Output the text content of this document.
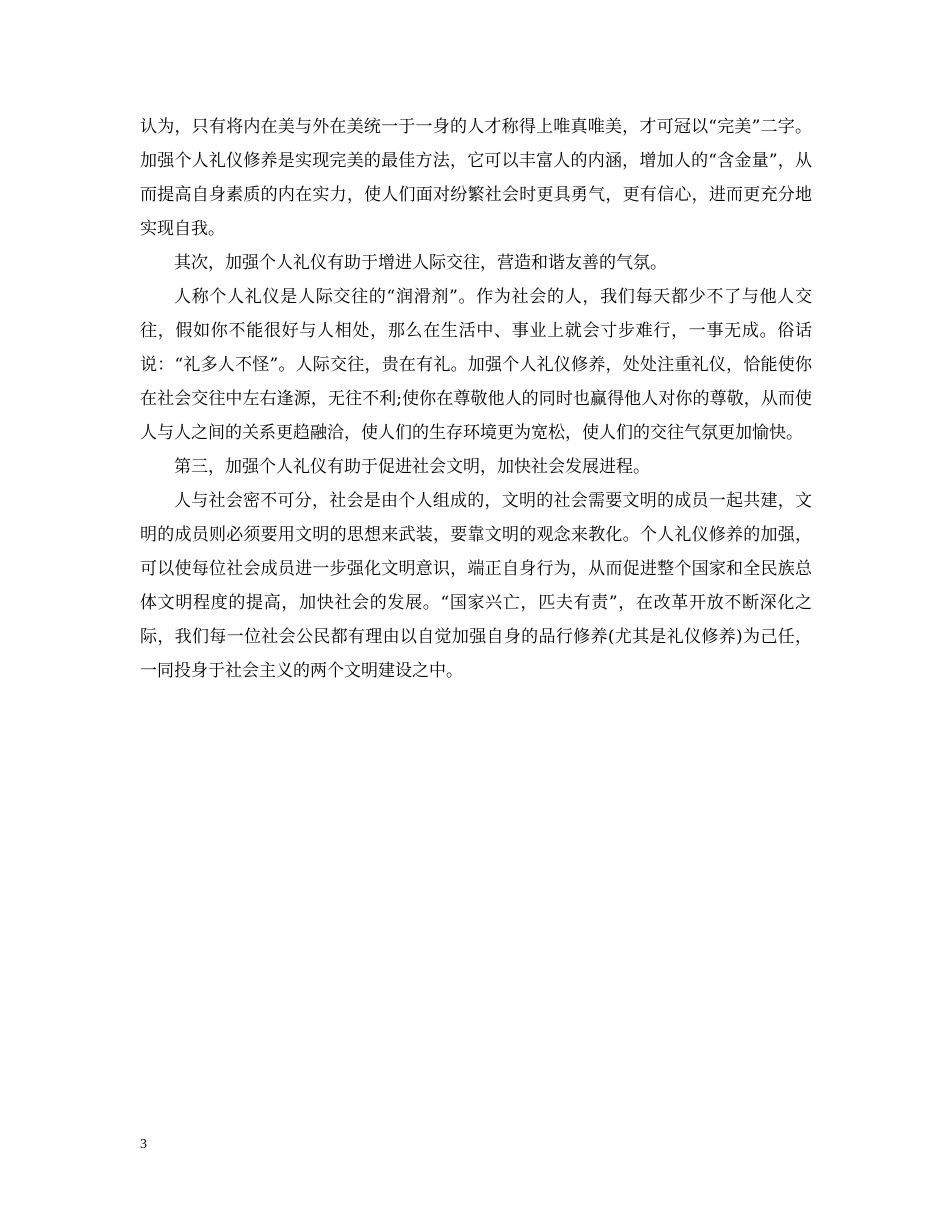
认为，只有将内在美与外在美统一于一身的人才称得上唯真唯美，才可冠以“完美”二字。加强个人礼仪修养是实现完美的最佳方法，它可以丰富人的内涵，增加人的“含金量”，从而提高自身素质的内在实力，使人们面对纷繁社会时更具勇气，更有信心，进而更充分地实现自我。

其次，加强个人礼仪有助于增进人际交往，营造和谐友善的气氛。

人称个人礼仪是人际交往的“润滑剂”。作为社会的人，我们每天都少不了与他人交往，假如你不能很好与人相处，那么在生活中、事业上就会寸步难行，一事无成。俗话说：“礼多人不怪”。人际交往，贵在有礼。加强个人礼仪修养，处处注重礼仪，恰能使你在社会交往中左右逢源，无往不利;使你在尊敬他人的同时也赢得他人对你的尊敬，从而使人与人之间的关系更趋融洽，使人们的生存环境更为宽松，使人们的交往气氛更加愉快。

第三，加强个人礼仪有助于促进社会文明，加快社会发展进程。

人与社会密不可分，社会是由个人组成的，文明的社会需要文明的成员一起共建，文明的成员则必须要用文明的思想来武装，要靠文明的观念来教化。个人礼仪修养的加强，可以使每位社会成员进一步强化文明意识，端正自身行为，从而促进整个国家和全民族总体文明程度的提高，加快社会的发展。“国家兴亡，匹夫有责”，在改革开放不断深化之际，我们每一位社会公民都有理由以自觉加强自身的品行修养(尤其是礼仪修养)为己任，一同投身于社会主义的两个文明建设之中。

3
